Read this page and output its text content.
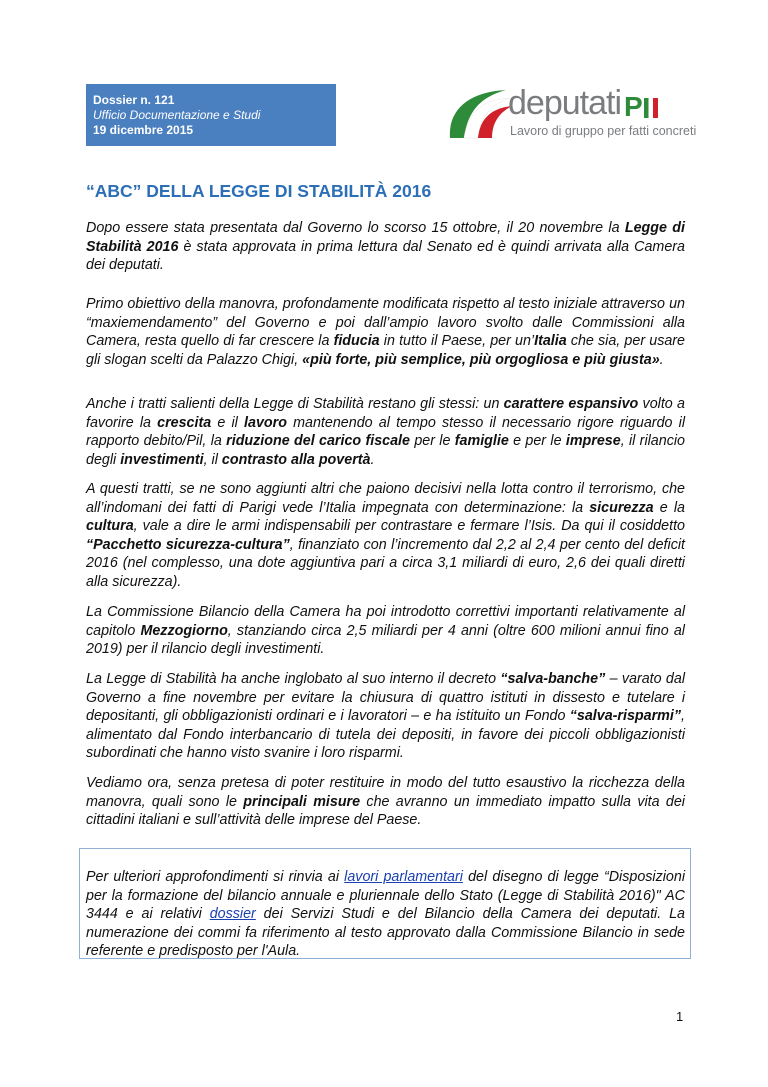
Dossier n. 121
Ufficio Documentazione e Studi
19 dicembre 2015
deputati P
Lavoro di gruppo per fatti concreti
“ABC” DELLA LEGGE DI STABILITÀ 2016

Dopo essere stata presentata dal Governo lo scorso 15 ottobre, il 20 novembre la Legge di Stabilità 2016 è stata approvata in prima lettura dal Senato ed è quindi arrivata alla Camera dei deputati.

Primo obiettivo della manovra, profondamente modificata rispetto al testo iniziale attraverso un “maxiemendamento” del Governo e poi dall’ampio lavoro svolto dalle Commissioni alla Camera, resta quello di far crescere la fiducia in tutto il Paese, per un’Italia che sia, per usare gli slogan scelti da Palazzo Chigi, «più forte, più semplice, più orgogliosa e più giusta».

Anche i tratti salienti della Legge di Stabilità restano gli stessi: un carattere espansivo volto a favorire la crescita e il lavoro mantenendo al tempo stesso il necessario rigore riguardo il rapporto debito/Pil, la riduzione del carico fiscale per le famiglie e per le imprese, il rilancio degli investimenti, il contrasto alla povertà.

A questi tratti, se ne sono aggiunti altri che paiono decisivi nella lotta contro il terrorismo, che all’indomani dei fatti di Parigi vede l’Italia impegnata con determinazione: la sicurezza e la cultura, vale a dire le armi indispensabili per contrastare e fermare l’Isis. Da qui il cosiddetto “Pacchetto sicurezza-cultura”, finanziato con l’incremento dal 2,2 al 2,4 per cento del deficit 2016 (nel complesso, una dote aggiuntiva pari a circa 3,1 miliardi di euro, 2,6 dei quali diretti alla sicurezza).

La Commissione Bilancio della Camera ha poi introdotto correttivi importanti relativamente al capitolo Mezzogiorno, stanziando circa 2,5 miliardi per 4 anni (oltre 600 milioni annui fino al 2019) per il rilancio degli investimenti.

La Legge di Stabilità ha anche inglobato al suo interno il decreto “salva-banche” – varato dal Governo a fine novembre per evitare la chiusura di quattro istituti in dissesto e tutelare i depositanti, gli obbligazionisti ordinari e i lavoratori – e ha istituito un Fondo “salva-risparmi”, alimentato dal Fondo interbancario di tutela dei depositi, in favore dei piccoli obbligazionisti subordinati che hanno visto svanire i loro risparmi.

Vediamo ora, senza pretesa di poter restituire in modo del tutto esaustivo la ricchezza della manovra, quali sono le principali misure che avranno un immediato impatto sulla vita dei cittadini italiani e sull’attività delle imprese del Paese.

Per ulteriori approfondimenti si rinvia ai lavori parlamentari del disegno di legge “Disposizioni per la formazione del bilancio annuale e pluriennale dello Stato (Legge di Stabilità 2016)" AC 3444 e ai relativi dossier dei Servizi Studi e del Bilancio della Camera dei deputati. La numerazione dei commi fa riferimento al testo approvato dalla Commissione Bilancio in sede referente e predisposto per l'Aula.

1
